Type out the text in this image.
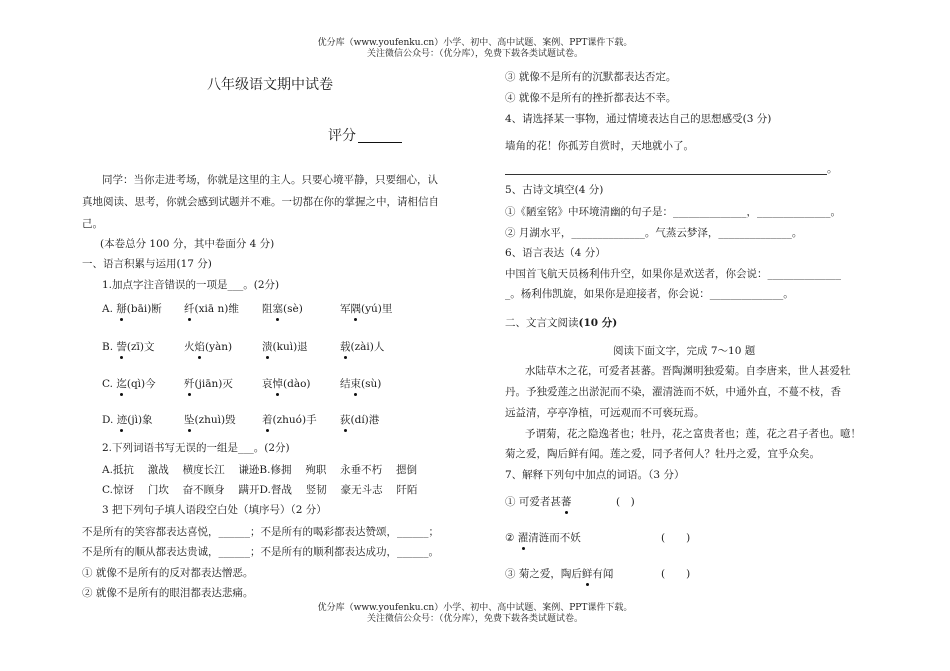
优分库（www.youfenku.cn）小学、初中、高中试题、案例、PPT课件下载。
关注微信公众号：（优分库），免费下载各类试题试卷。
八年级语文期中试卷
评分
同学：当你走进考场，你就是这里的主人。只要心境平静，只要细心，认
真地阅读、思考，你就会感到试题并不难。一切都在你的掌握之中，请相信自
己。
(本卷总分 100 分，其中卷面分 4 分)
一、语言积累与运用(17 分)
1.加点字注音错误的一项是___。(2分)
A. 掰(bāi)断 纤(xiā n)维 阻塞(sè)	军隅(yú)里
B. 訾(zī)文	火焰(yàn)	溃(kuì)退	载(zài)人
C. 迄(qì)今	歼(jiān)灭	哀悼(dào)	结束(sù)
D. 迹(jì)象	坠(zhuì)毁	着(zhuó)手 荻(dí)港
2.下列词语书写无误的一组是___。(2分)
A.抵抗　 激战　 横度长江　 谦逊B.修拥　 殉职　 永垂不朽　 摁倒
C.惊讶　 门坎　 奋不顾身　 蹒开D.督战　 竖韧　 豪无斗志　 阡陌
3 把下列句子填人语段空白处（填序号）（2 分）
不是所有的笑容都表达喜悦，______；不是所有的喝彩都表达赞颂，______；
不是所有的顺从都表达贵诚，______；不是所有的顺利都表达成功，______。
① 就像不是所有的反对都表达憎恶。
② 就像不是所有的眼泪都表达悲痛。
③ 就像不是所有的沉默都表达否定。
④ 就像不是所有的挫折都表达不幸。
4、请选择某一事物，通过情境表达自己的思想感受(3 分)
墙角的花！你孤芳自赏时，天地就小了。
。
5、古诗文填空(4 分)
①《陋室铭》中环境清幽的句子是：______________，______________。
② 月湖水平，______________。气蒸云梦泽，______________。
6、语言表达（4 分）
中国首飞航天员杨利伟升空，如果你是欢送者，你会说：______________
_。杨利伟凯旋，如果你是迎接者，你会说：______________。
二、文言文阅读(10 分)
阅读下面文字，完成 7～10 题
水陆草木之花，可爱者甚蕃。晋陶渊明独爱菊。自李唐来，世人甚爱牡
丹。予独爱莲之出淤泥而不染，濯清涟而不妖，中通外直，不蔓不枝，香
远益清，亭亭净植，可远观而不可亵玩焉。
予谓菊，花之隐逸者也；牡丹，花之富贵者也；莲，花之君子者也。噫！
菊之爱，陶后鲜有闻。莲之爱，同予者何人？牡丹之爱，宜乎众矣。
7、解释下列句中加点的词语。（3 分）
① 可爱者甚蕃	(　)
② 濯清涟而不妖	(　　)
③ 菊之爱，陶后鲜有闻	(　　)
优分库（www.youfenku.cn）小学、初中、高中试题、案例、PPT课件下载。
关注微信公众号：（优分库），免费下载各类试题试卷。
